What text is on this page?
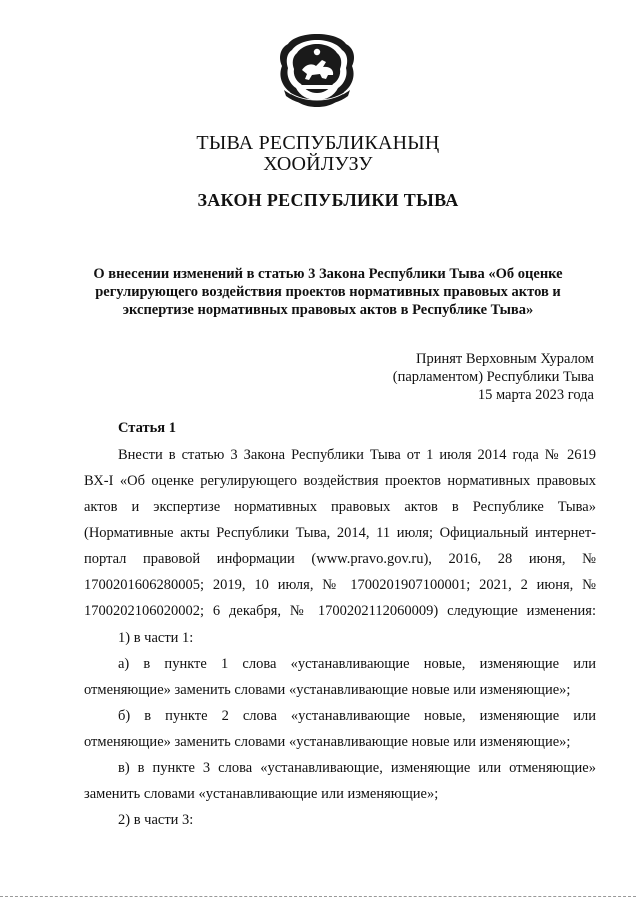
ТЫВА РЕСПУБЛИКАНЫҢ
ХООЙЛУЗУ
ЗАКОН РЕСПУБЛИКИ ТЫВА
О внесении изменений в статью 3 Закона Республики Тыва «Об оценке
регулирующего воздействия проектов нормативных правовых актов и
экспертизе нормативных правовых актов в Республике Тыва»
Принят Верховным Хуралом
(парламентом) Республики Тыва
15 марта 2023 года
Статья 1
Внести в статью 3 Закона Республики Тыва от 1 июля 2014 года № 2619
ВХ-I «Об оценке регулирующего воздействия проектов нормативных правовых
актов и экспертизе нормативных правовых актов в Республике Тыва»
(Нормативные акты Республики Тыва, 2014, 11 июля; Официальный интернет-
портал правовой информации (www.pravo.gov.ru), 2016, 28 июня, №
1700201606280005; 2019, 10 июля, № 1700201907100001; 2021, 2 июня, №
1700202106020002; 6 декабря, № 1700202112060009) следующие изменения:
1) в части 1:
а) в пункте 1 слова «устанавливающие новые, изменяющие или
отменяющие» заменить словами «устанавливающие новые или изменяющие»;
б) в пункте 2 слова «устанавливающие новые, изменяющие или
отменяющие» заменить словами «устанавливающие новые или изменяющие»;
в) в пункте 3 слова «устанавливающие, изменяющие или отменяющие»
заменить словами «устанавливающие или изменяющие»;
2) в части 3:
